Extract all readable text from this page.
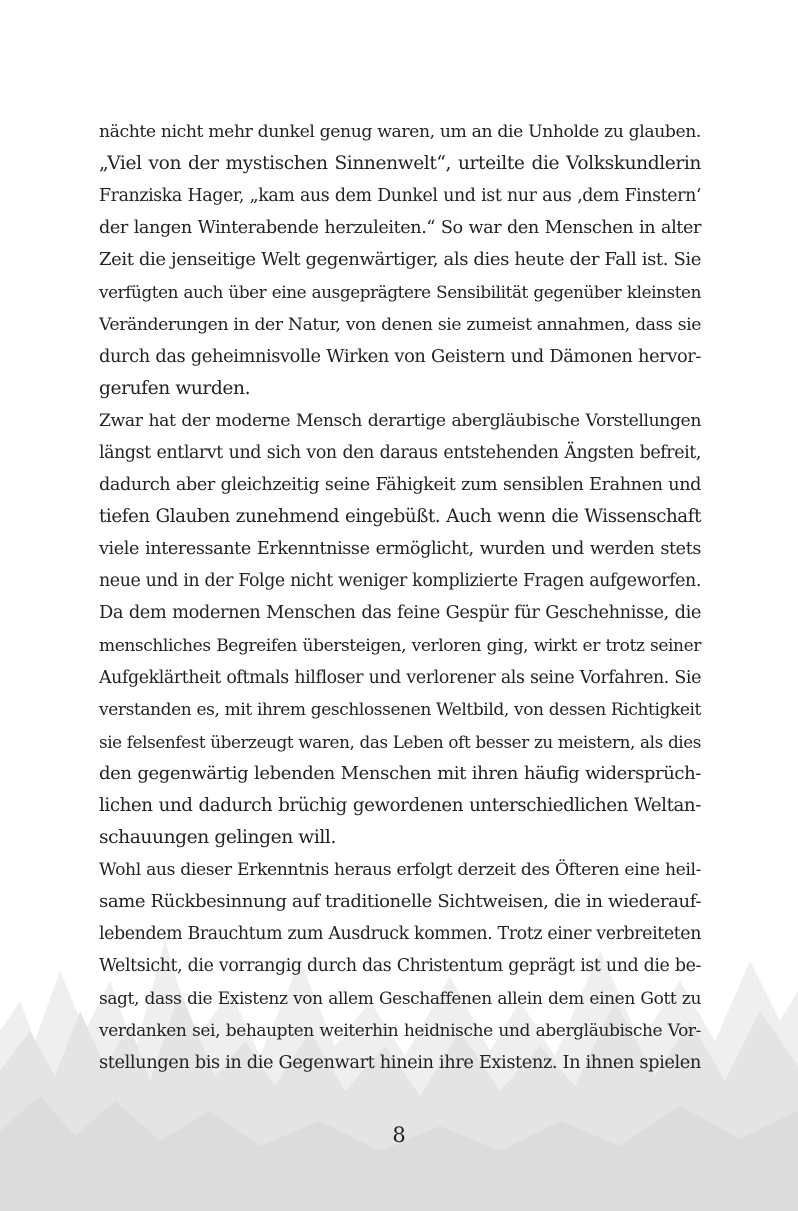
nächte nicht mehr dunkel genug waren, um an die Unholde zu glauben.
„Viel von der mystischen Sinnenwelt“, urteilte die Volkskundlerin
Franziska Hager, „kam aus dem Dunkel und ist nur aus ‚dem Finstern‘
der langen Winterabende herzuleiten.“ So war den Menschen in alter
Zeit die jenseitige Welt gegenwärtiger, als dies heute der Fall ist. Sie
verfügten auch über eine ausgeprägtere Sensibilität gegenüber kleinsten
Veränderungen in der Natur, von denen sie zumeist annahmen, dass sie
durch das geheimnisvolle Wirken von Geistern und Dämonen hervor-
gerufen wurden.
Zwar hat der moderne Mensch derartige abergläubische Vorstellungen
längst entlarvt und sich von den daraus entstehenden Ängsten befreit,
dadurch aber gleichzeitig seine Fähigkeit zum sensiblen Erahnen und
tiefen Glauben zunehmend eingebüßt. Auch wenn die Wissenschaft
viele interessante Erkenntnisse ermöglicht, wurden und werden stets
neue und in der Folge nicht weniger komplizierte Fragen aufgeworfen.
Da dem modernen Menschen das feine Gespür für Geschehnisse, die
menschliches Begreifen übersteigen, verloren ging, wirkt er trotz seiner
Aufgeklärtheit oftmals hilfloser und verlorener als seine Vorfahren. Sie
verstanden es, mit ihrem geschlossenen Weltbild, von dessen Richtigkeit
sie felsenfest überzeugt waren, das Leben oft besser zu meistern, als dies
den gegenwärtig lebenden Menschen mit ihren häufig widersprüch-
lichen und dadurch brüchig gewordenen unterschiedlichen Weltan-
schauungen gelingen will.
Wohl aus dieser Erkenntnis heraus erfolgt derzeit des Öfteren eine heil-
same Rückbesinnung auf traditionelle Sichtweisen, die in wiederauf-
lebendem Brauchtum zum Ausdruck kommen. Trotz einer verbreiteten
Weltsicht, die vorrangig durch das Christentum geprägt ist und die be-
sagt, dass die Existenz von allem Geschaffenen allein dem einen Gott zu
verdanken sei, behaupten weiterhin heidnische und abergläubische Vor-
stellungen bis in die Gegenwart hinein ihre Existenz. In ihnen spielen
8
